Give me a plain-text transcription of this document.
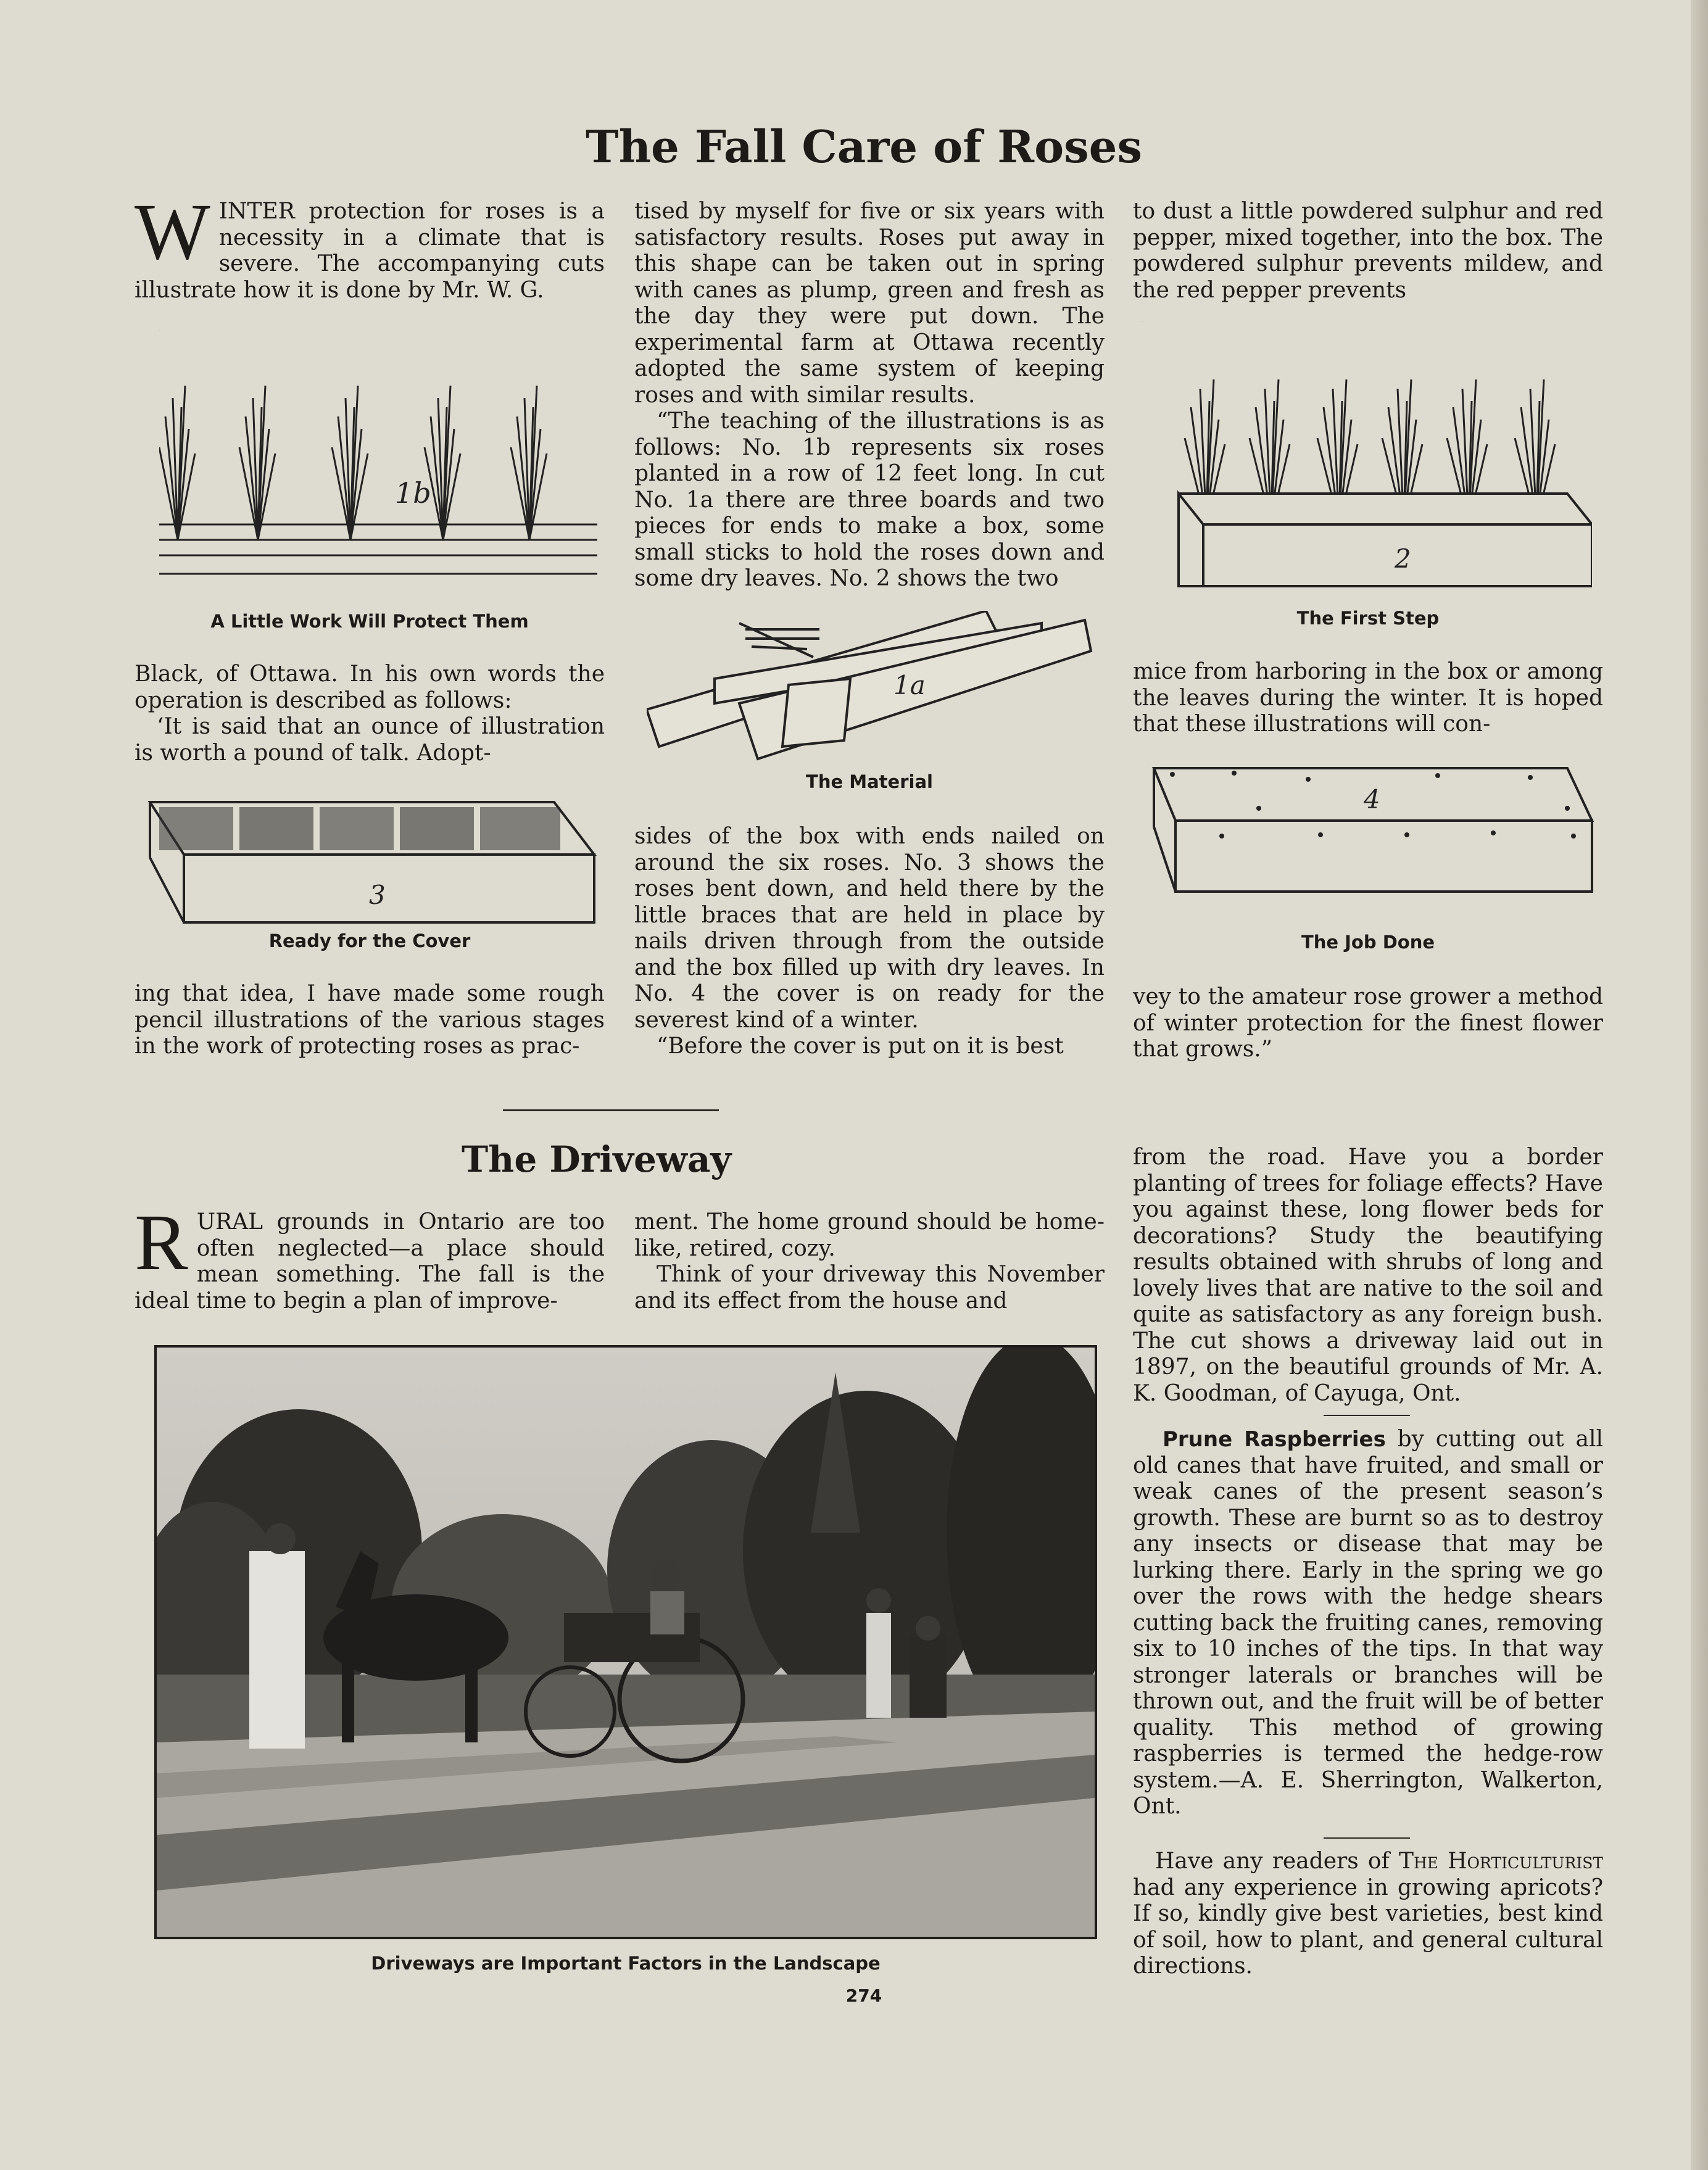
The Fall Care of Roses

WINTER protection for roses is a necessity in a climate that is severe. The accompanying cuts illustrate how it is done by Mr. W. G.

1b
A Little Work Will Protect Them

Black, of Ottawa. In his own words the operation is described as follows:

‘It is said that an ounce of illustration is worth a pound of talk. Adopt-

3
Ready for the Cover

ing that idea, I have made some rough pencil illustrations of the various stages in the work of protecting roses as prac-

tised by myself for five or six years with satisfactory results. Roses put away in this shape can be taken out in spring with canes as plump, green and fresh as the day they were put down. The experimental farm at Ottawa recently adopted the same system of keeping roses and with similar results.

“The teaching of the illustrations is as follows: No. 1b represents six roses planted in a row of 12 feet long. In cut No. 1a there are three boards and two pieces for ends to make a box, some small sticks to hold the roses down and some dry leaves. No. 2 shows the two

1a
The Material

sides of the box with ends nailed on around the six roses. No. 3 shows the roses bent down, and held there by the little braces that are held in place by nails driven through from the outside and the box filled up with dry leaves. In No. 4 the cover is on ready for the severest kind of a winter.

“Before the cover is put on it is best

to dust a little powdered sulphur and red pepper, mixed together, into the box. The powdered sulphur prevents mildew, and the red pepper prevents

2
The First Step

mice from harboring in the box or among the leaves during the winter. It is hoped that these illustrations will con-

4
The Job Done

vey to the amateur rose grower a method of winter protection for the finest flower that grows.”

The Driveway

RURAL grounds in Ontario are too often neglected—a place should mean something. The fall is the ideal time to begin a plan of improve-

ment. The home ground should be home-like, retired, cozy.

Think of your driveway this November and its effect from the house and

Driveways are Important Factors in the Landscape

from the road. Have you a border planting of trees for foliage effects? Have you against these, long flower beds for decorations? Study the beautifying results obtained with shrubs of long and lovely lives that are native to the soil and quite as satisfactory as any foreign bush. The cut shows a driveway laid out in 1897, on the beautiful grounds of Mr. A. K. Goodman, of Cayuga, Ont.

Prune Raspberries by cutting out all old canes that have fruited, and small or weak canes of the present season’s growth. These are burnt so as to destroy any insects or disease that may be lurking there. Early in the spring we go over the rows with the hedge shears cutting back the fruiting canes, removing six to 10 inches of the tips. In that way stronger laterals or branches will be thrown out, and the fruit will be of better quality. This method of growing raspberries is termed the hedge-row system.—A. E. Sherrington, Walkerton, Ont.

Have any readers of The Horticulturist had any experience in growing apricots? If so, kindly give best varieties, best kind of soil, how to plant, and general cultural directions.

274
